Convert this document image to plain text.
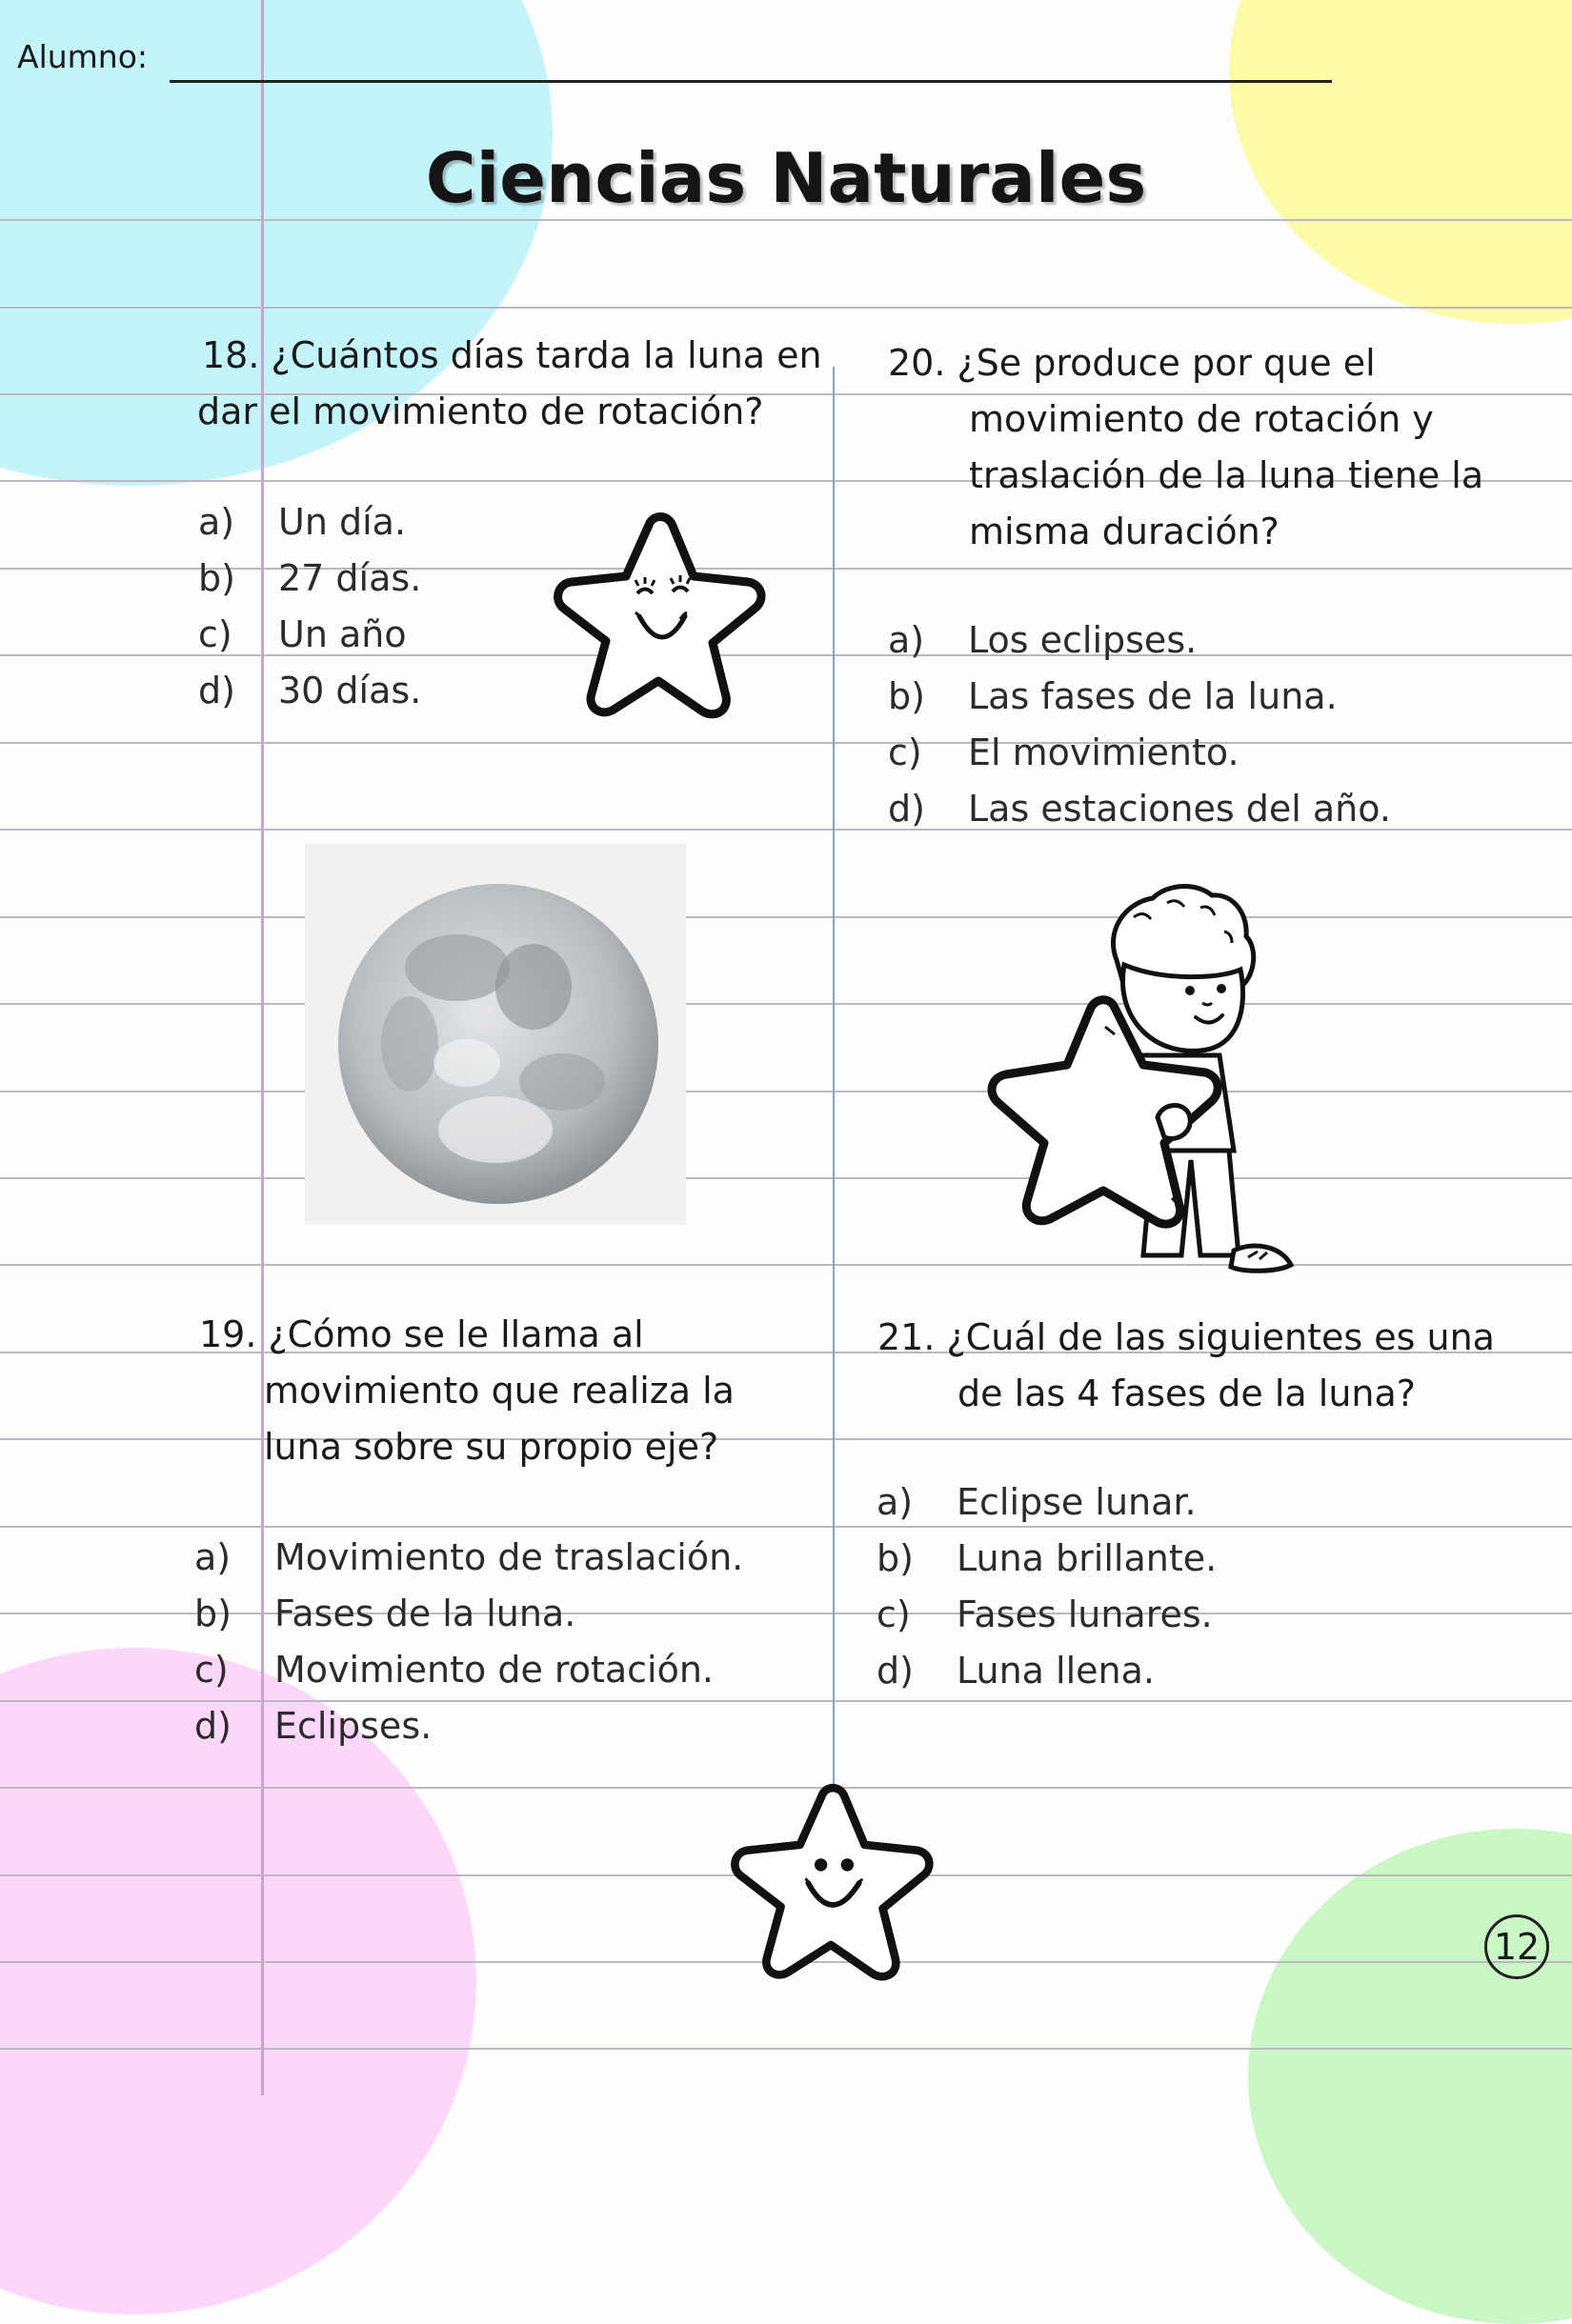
Alumno:
Ciencias Naturales
18. ¿Cuántos días tarda la luna en
dar el movimiento de rotación?
a) Un día.
b) 27 días.
c) Un año
d) 30 días.
19. ¿Cómo se le llama al
movimiento que realiza la
luna sobre su propio eje?
a) Movimiento de traslación.
b) Fases de la luna.
c) Movimiento de rotación.
d) Eclipses.
20. ¿Se produce por que el
movimiento de rotación y
traslación de la luna tiene la
misma duración?
a) Los eclipses.
b) Las fases de la luna.
c) El movimiento.
d) Las estaciones del año.
21. ¿Cuál de las siguientes es una
de las 4 fases de la luna?
a) Eclipse lunar.
b) Luna brillante.
c) Fases lunares.
d) Luna llena.
12
